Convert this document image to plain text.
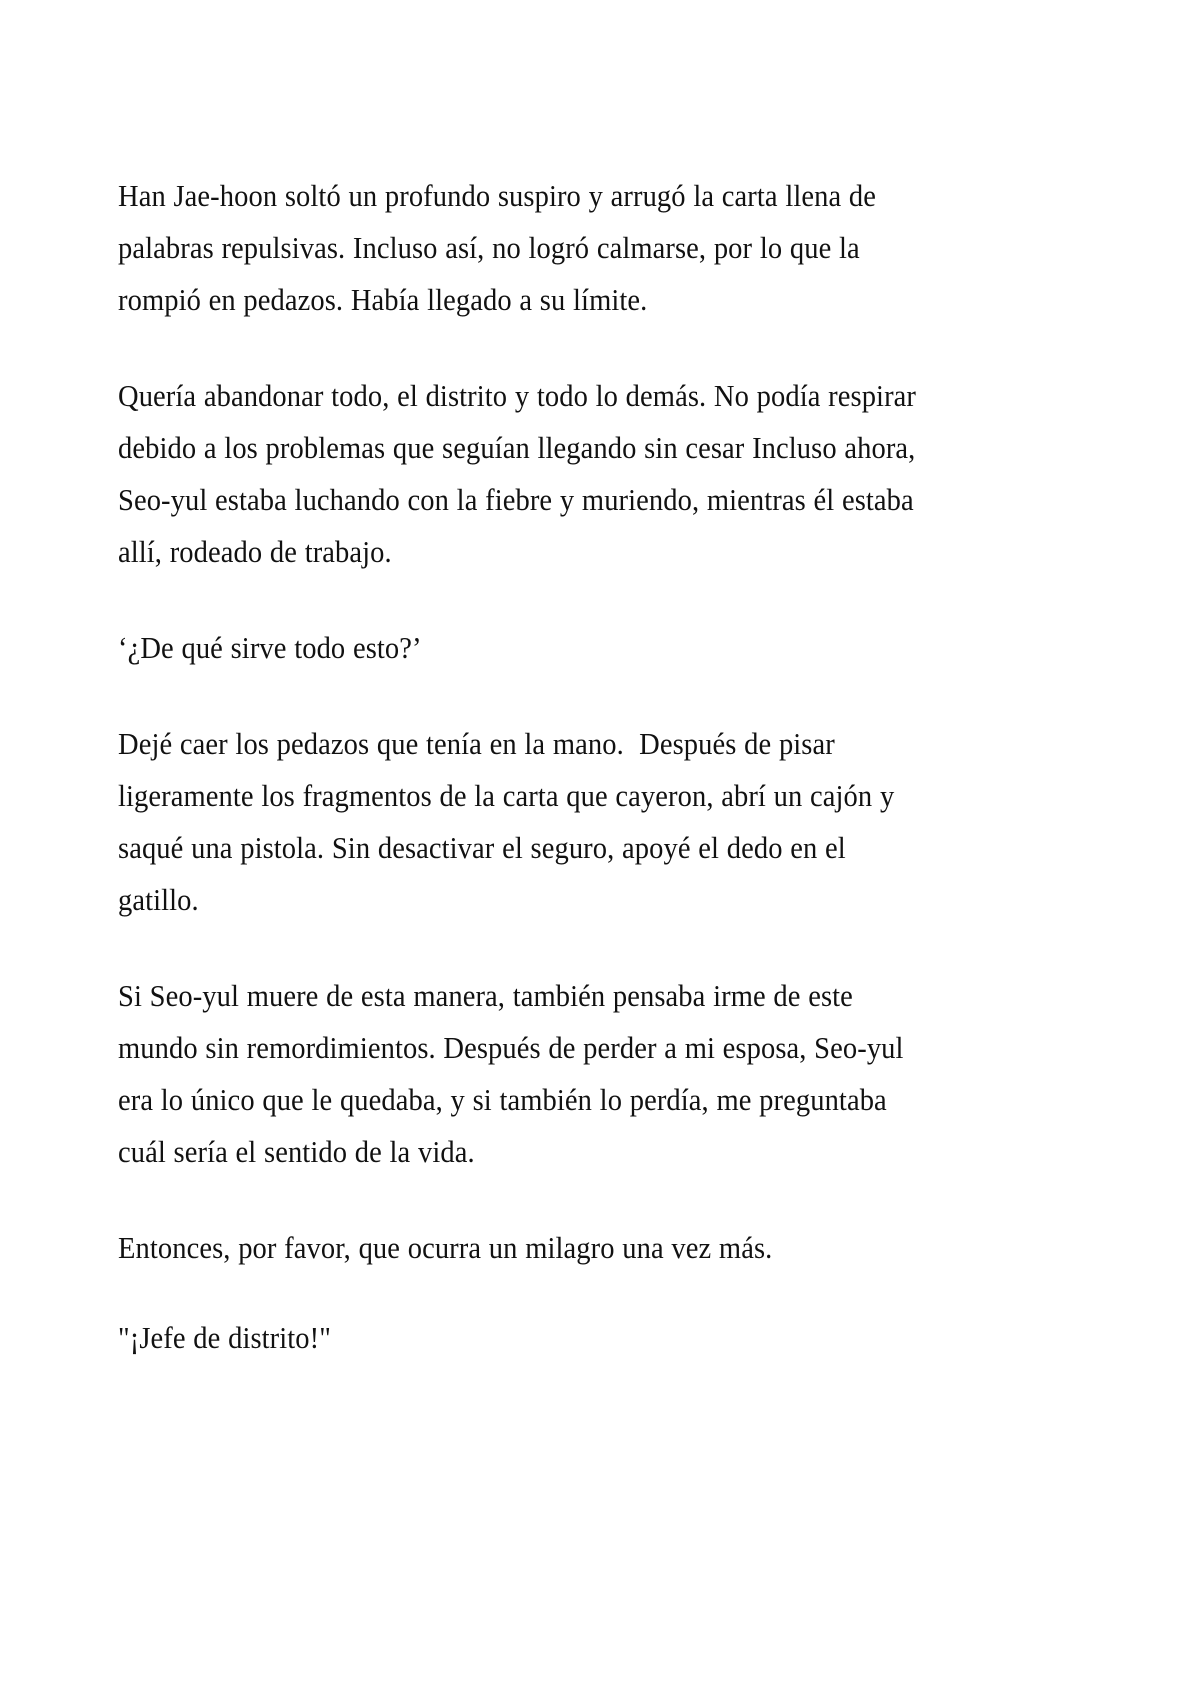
Han Jae-hoon soltó un profundo suspiro y arrugó la carta llena de palabras repulsivas. Incluso así, no logró calmarse, por lo que la rompió en pedazos. Había llegado a su límite.

Quería abandonar todo, el distrito y todo lo demás. No podía respirar debido a los problemas que seguían llegando sin cesar Incluso ahora, Seo-yul estaba luchando con la fiebre y muriendo, mientras él estaba allí, rodeado de trabajo.

‘¿De qué sirve todo esto?’

Dejé caer los pedazos que tenía en la mano.  Después de pisar ligeramente los fragmentos de la carta que cayeron, abrí un cajón y saqué una pistola. Sin desactivar el seguro, apoyé el dedo en el gatillo.

Si Seo-yul muere de esta manera, también pensaba irme de este mundo sin remordimientos. Después de perder a mi esposa, Seo-yul era lo único que le quedaba, y si también lo perdía, me preguntaba cuál sería el sentido de la vida.

Entonces, por favor, que ocurra un milagro una vez más.

"¡Jefe de distrito!"
